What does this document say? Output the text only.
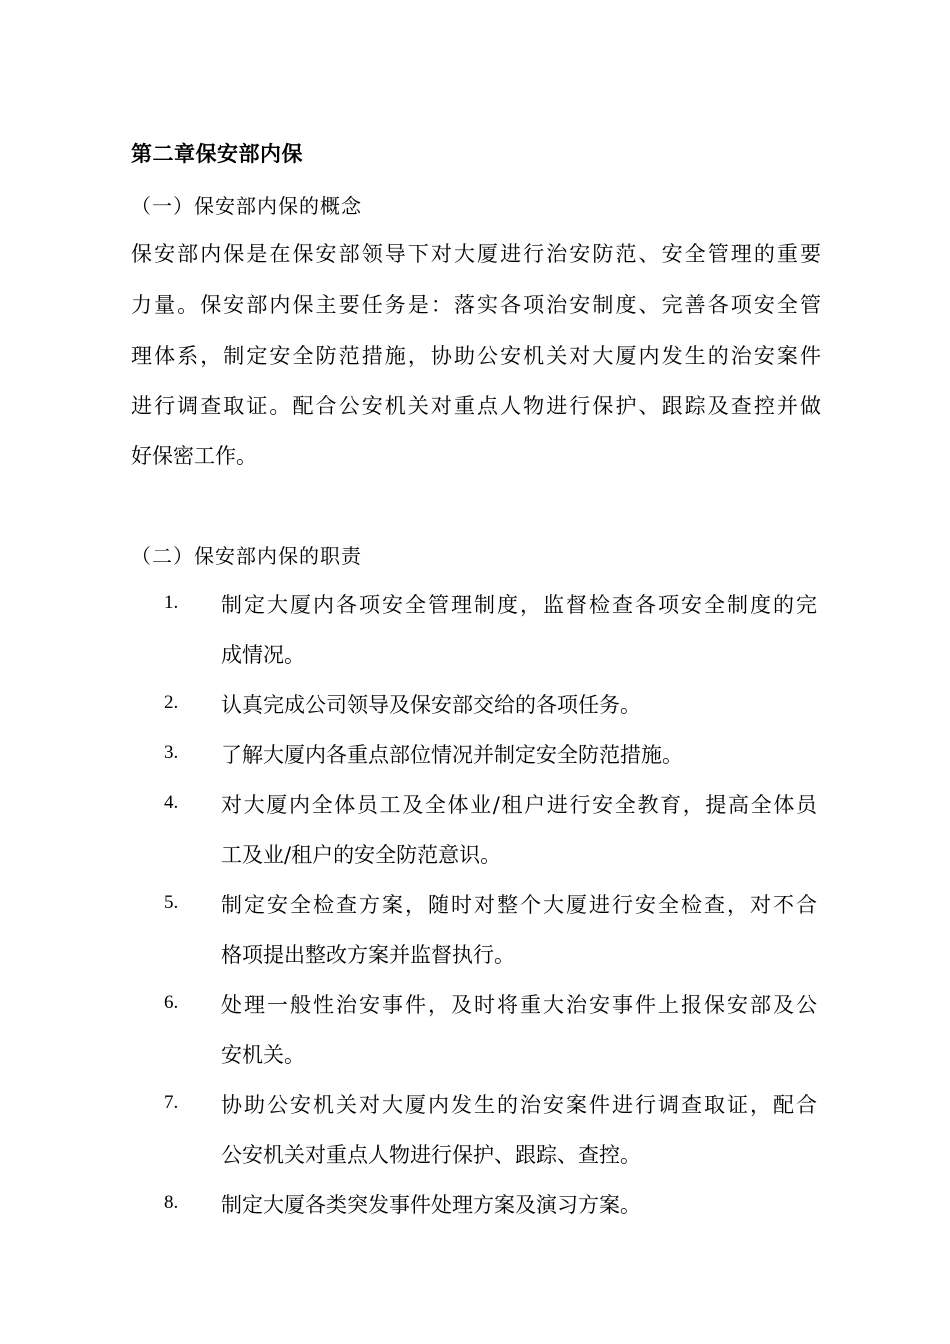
第二章保安部内保
（一）保安部内保的概念
保安部内保是在保安部领导下对大厦进行治安防范、安全管理的重要
力量。保安部内保主要任务是：落实各项治安制度、完善各项安全管
理体系，制定安全防范措施，协助公安机关对大厦内发生的治安案件
进行调查取证。配合公安机关对重点人物进行保护、跟踪及查控并做
好保密工作。
（二）保安部内保的职责
1. 制定大厦内各项安全管理制度，监督检查各项安全制度的完
成情况。
2. 认真完成公司领导及保安部交给的各项任务。
3. 了解大厦内各重点部位情况并制定安全防范措施。
4. 对大厦内全体员工及全体业/租户进行安全教育，提高全体员
工及业/租户的安全防范意识。
5. 制定安全检查方案，随时对整个大厦进行安全检查，对不合
格项提出整改方案并监督执行。
6. 处理一般性治安事件，及时将重大治安事件上报保安部及公
安机关。
7. 协助公安机关对大厦内发生的治安案件进行调查取证，配合
公安机关对重点人物进行保护、跟踪、查控。
8. 制定大厦各类突发事件处理方案及演习方案。
